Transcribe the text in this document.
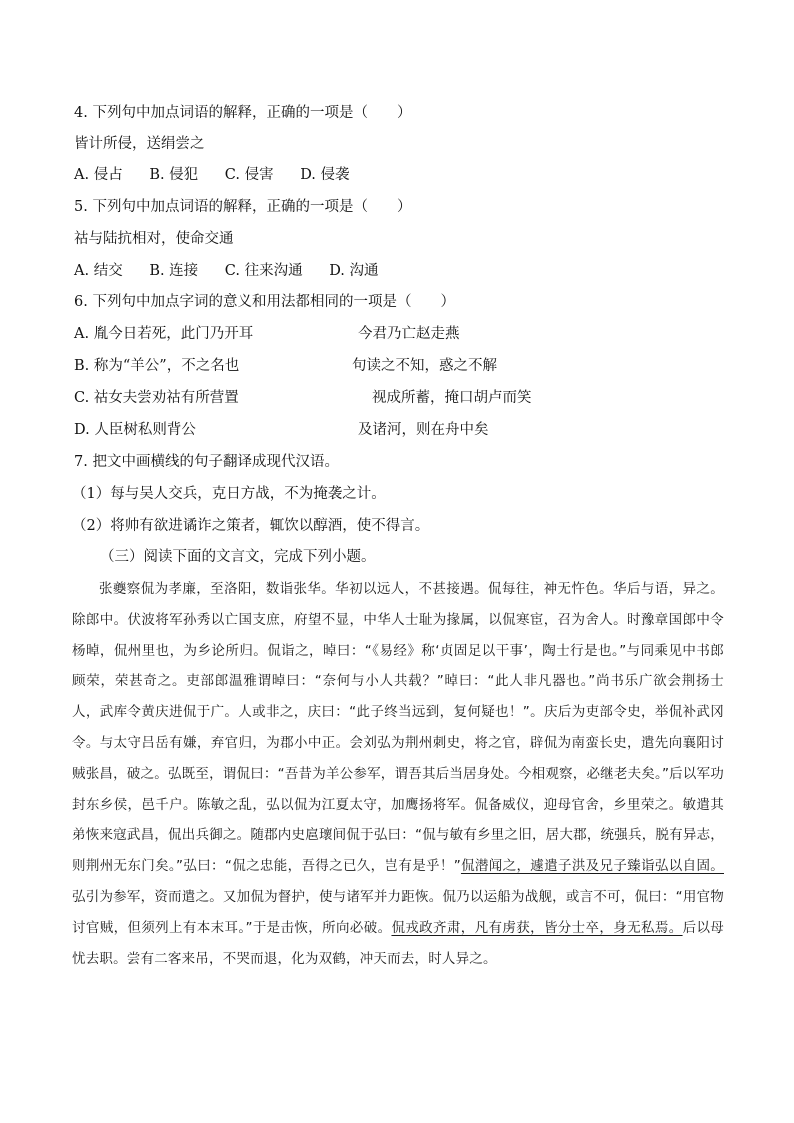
4. 下列句中加点词语的解释，正确的一项是（　　）
皆计所侵，送绢尝之
A. 侵占 B. 侵犯 C. 侵害 D. 侵袭
5. 下列句中加点词语的解释，正确的一项是（　　）
祜与陆抗相对，使命交通
A. 结交 B. 连接 C. 往来沟通 D. 沟通
6. 下列句中加点字词的意义和用法都相同的一项是（　　）
A. 胤今日若死，此门乃开耳	今君乃亡赵走燕
B. 称为“羊公”，不之名也	句读之不知，惑之不解
C. 祜女夫尝劝祜有所营置	视成所蓄，掩口胡卢而笑
D. 人臣树私则背公	及诸河，则在舟中矣
7. 把文中画横线的句子翻译成现代汉语。
（1）每与吴人交兵，克日方战，不为掩袭之计。
（2）将帅有欲进谲诈之策者，辄饮以醇酒，使不得言。
（三）阅读下面的文言文，完成下列小题。

张夔察侃为孝廉，至洛阳，数诣张华。华初以远人，不甚接遇。侃每往，神无忤色。华后与语，异之。除郎中。伏波将军孙秀以亡国支庶，府望不显，中华人士耻为掾属，以侃寒宦，召为舍人。时豫章国郎中令杨晫，侃州里也，为乡论所归。侃诣之，晫曰：“《易经》称‘贞固足以干事’，陶士行是也。”与同乘见中书郎顾荣，荣甚奇之。吏部郎温雅谓晫曰：“奈何与小人共载？”晫曰：“此人非凡器也。”尚书乐广欲会荆扬士人，武库令黄庆进侃于广。人或非之，庆曰：“此子终当远到，复何疑也！”。庆后为吏部令史，举侃补武冈令。与太守吕岳有嫌，弃官归，为郡小中正。会刘弘为荆州刺史，将之官，辟侃为南蛮长史，遣先向襄阳讨贼张昌，破之。弘既至，谓侃曰：“吾昔为羊公参军，谓吾其后当居身处。今相观察，必继老夫矣。”后以军功封东乡侯，邑千户。陈敏之乱，弘以侃为江夏太守，加鹰扬将军。侃备威仪，迎母官舍，乡里荣之。敏遣其弟恢来寇武昌，侃出兵御之。随郡内史扈瓌间侃于弘曰：“侃与敏有乡里之旧，居大郡，统强兵，脱有异志，则荆州无东门矣。”弘曰：“侃之忠能，吾得之已久，岂有是乎！”侃潜闻之，遽遣子洪及兄子臻诣弘以自固。弘引为参军，资而遣之。又加侃为督护，使与诸军并力距恢。侃乃以运船为战舰，或言不可，侃曰：“用官物讨官贼，但须列上有本末耳。”于是击恢，所向必破。侃戎政齐肃，凡有虏获，皆分士卒，身无私焉。后以母忧去职。尝有二客来吊，不哭而退，化为双鹤，冲天而去，时人异之。
